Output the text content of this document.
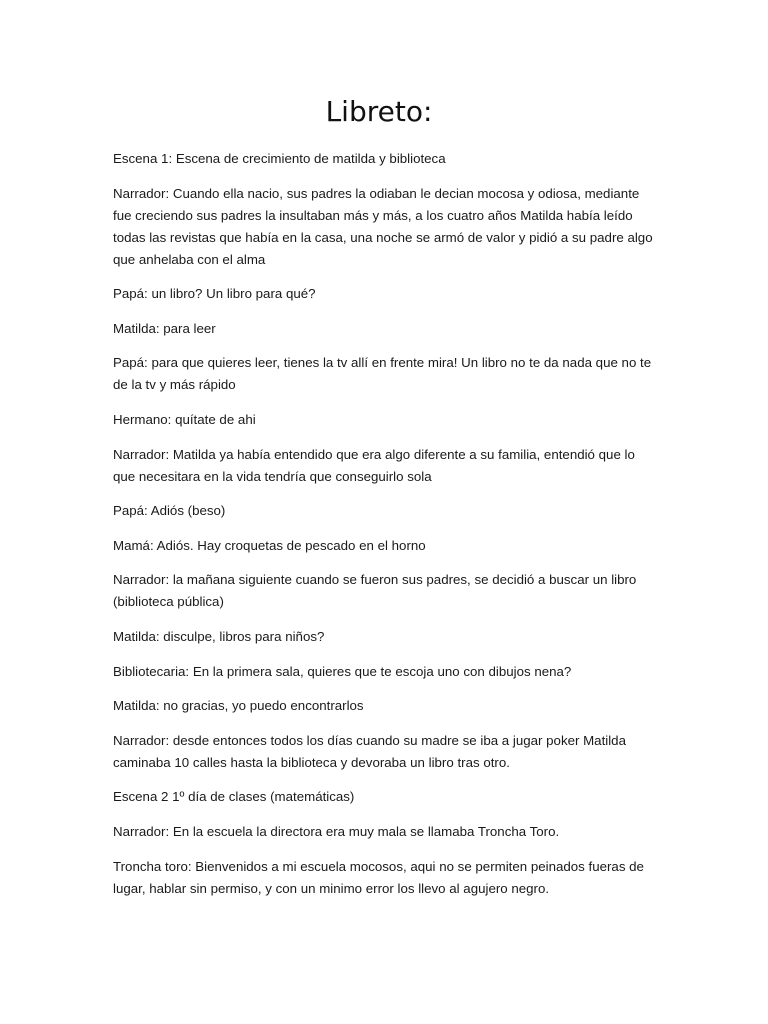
Libreto:

Escena 1: Escena de crecimiento de matilda y biblioteca

Narrador: Cuando ella nacio, sus padres la odiaban le decian mocosa y odiosa, mediante fue creciendo sus padres la insultaban más y más, a los cuatro años Matilda había leído todas las revistas que había en la casa, una noche se armó de valor y pidió a su padre algo que anhelaba con el alma

Papá: un libro? Un libro para qué?

Matilda: para leer

Papá: para que quieres leer, tienes la tv allí en frente mira! Un libro no te da nada que no te de la tv y más rápido

Hermano: quítate de ahi

Narrador: Matilda ya había entendido que era algo diferente a su familia, entendió que lo que necesitara en la vida tendría que conseguirlo sola

Papá: Adiós (beso)

Mamá: Adiós. Hay croquetas de pescado en el horno

Narrador: la mañana siguiente cuando se fueron sus padres, se decidió a buscar un libro (biblioteca pública)

Matilda: disculpe, libros para niños?

Bibliotecaria: En la primera sala, quieres que te escoja uno con dibujos nena?

Matilda: no gracias, yo puedo encontrarlos

Narrador: desde entonces todos los días cuando su madre se iba a jugar poker Matilda caminaba 10 calles hasta la biblioteca y devoraba un libro tras otro.

Escena 2 1º día de clases (matemáticas)

Narrador: En la escuela la directora era muy mala se llamaba Troncha Toro.

Troncha toro: Bienvenidos a mi escuela mocosos, aqui no se permiten peinados fueras de lugar, hablar sin permiso, y con un minimo error los llevo al agujero negro.
